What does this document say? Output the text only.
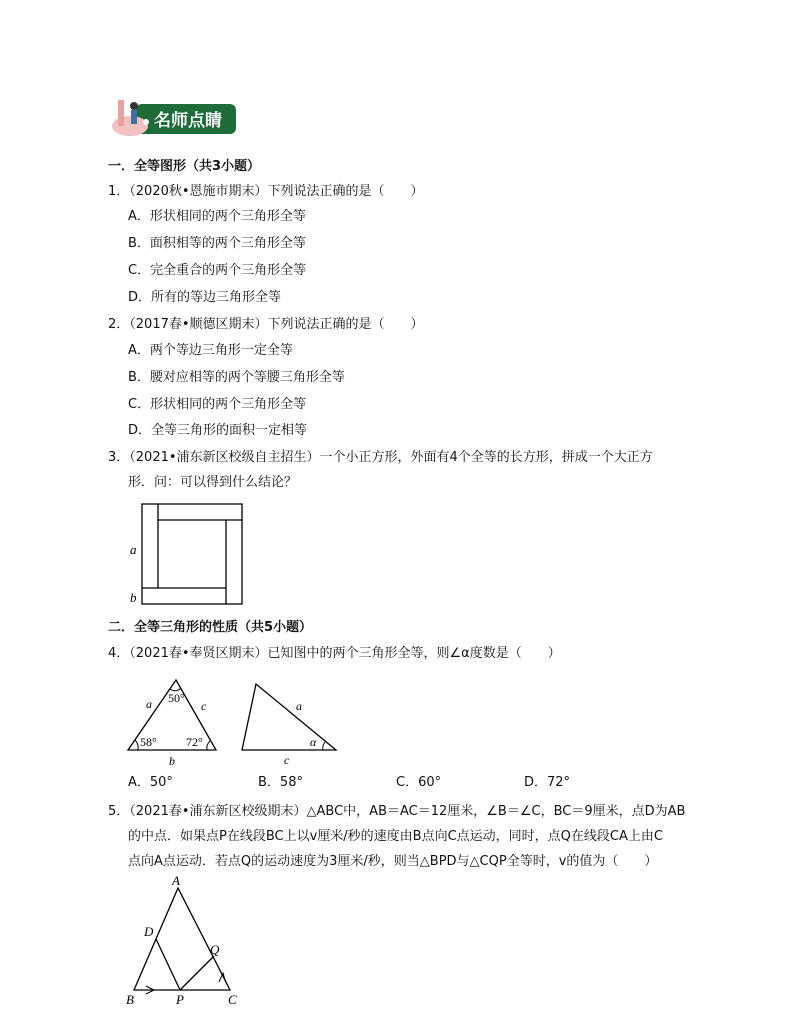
名师点睛
一．全等图形（共3小题）
1．（2020秋•恩施市期末）下列说法正确的是（　　）
A．形状相同的两个三角形全等
B．面积相等的两个三角形全等
C．完全重合的两个三角形全等
D．所有的等边三角形全等
2．（2017春•顺德区期末）下列说法正确的是（　　）
A．两个等边三角形一定全等
B．腰对应相等的两个等腰三角形全等
C．形状相同的两个三角形全等
D．全等三角形的面积一定相等
3．（2021•浦东新区校级自主招生）一个小正方形，外面有4个全等的长方形，拼成一个大正方
形．问：可以得到什么结论？
a
b
二．全等三角形的性质（共5小题）
4．（2021春•奉贤区期末）已知图中的两个三角形全等，则∠α度数是（　　）
a	c
b
50°
58° 72°
a
c
α
A．50°	B．58°	C．60°	D．72°
5．（2021春•浦东新区校级期末）△ABC中，AB＝AC＝12厘米，∠B＝∠C，BC＝9厘米，点D为AB
的中点．如果点P在线段BC上以v厘米/秒的速度由B点向C点运动，同时，点Q在线段CA上由C
点向A点运动．若点Q的运动速度为3厘米/秒，则当△BPD与△CQP全等时，v的值为（　　）
A
D
Q
B	P	C
